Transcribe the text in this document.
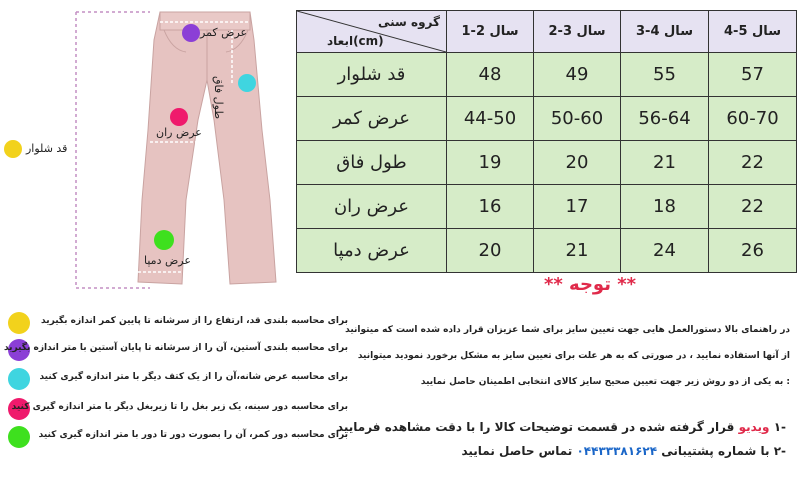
عرض کمر
طول فاق
عرض ران
عرض دمپا
قد شلوار
گروه سنی
ابعاد(cm)	1-2 سال	2-3 سال	3-4 سال	4-5 سال
قد شلوار	48	49	55	57
عرض کمر	44-50	50-60	56-64	60-70
طول فاق	19	20	21	22
عرض ران	16	17	18	22
عرض دمپا	20	21	24	26
** توجه **
برای محاسبه بلندی قد، ارتفاع را از سرشانه تا پایین کمر اندازه بگیرید
برای محاسبه بلندی آستین، آن را از سرشانه تا پایان آستین با متر اندازه بگیرید
برای محاسبه عرض شانه،آن را از یک کتف دیگر با متر اندازه گیری کنید
برای محاسبه دور سینه، یک زیر بغل را تا زیربغل دیگر با متر اندازه گیری کنید
برای محاسبه دور کمر، آن را بصورت دور تا دور با متر اندازه گیری کنید
در راهنمای بالا دستورالعمل هایی جهت تعیین سایز برای شما عزیزان قرار داده شده است که میتوانید
از آنها استفاده نمایید ، در صورتی که به هر علت برای تعیین سایز به مشکل برخورد نمودید میتوانید
: به یکی از دو روش زیر جهت تعیین صحیح سایز کالای انتخابی اطمینان حاصل نمایید
-۱ ویدیو قرار گرفته شده در قسمت توضیحات کالا را با دقت مشاهده فرمایید
-۲ با شماره پشتیبانی ۰۴۴۳۳۳۸۱۶۲۴ تماس حاصل نمایید
